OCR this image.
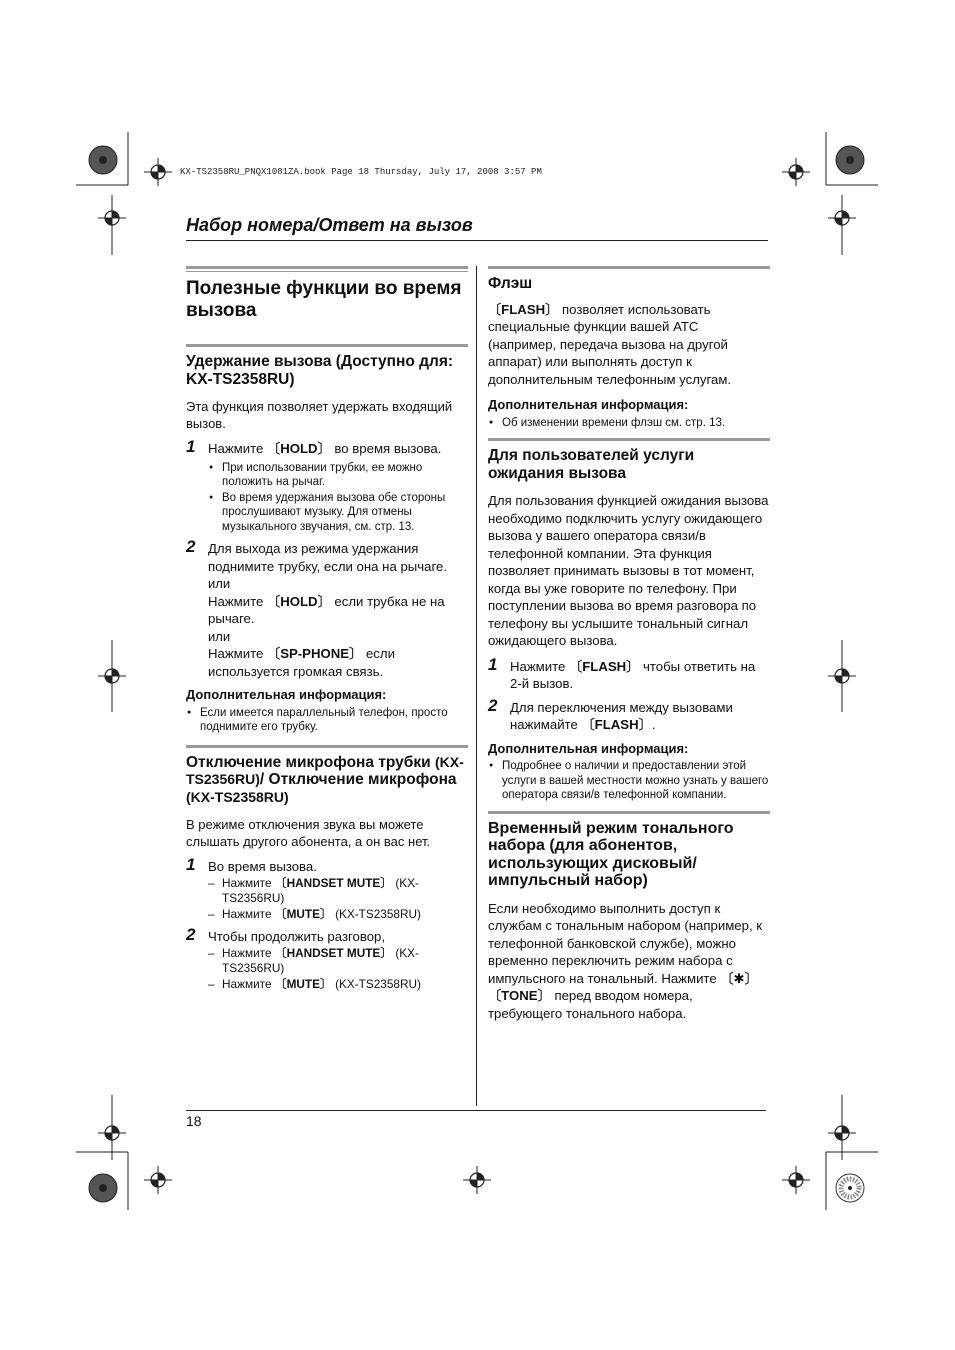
KX-TS2358RU_PNQX1081ZA.book Page 18 Thursday, July 17, 2008 3:57 PM
Набор номера/Ответ на вызов
Полезные функции во время вызова
Удержание вызова (Доступно для: KX-TS2358RU)

Эта функция позволяет удержать входящий вызов.

1 Нажмите 〔HOLD〕 во время вызова.
● При использовании трубки, ее можно положить на рычаг.
● Во время удержания вызова обе стороны прослушивают музыку. Для отмены музыкального звучания, см. стр. 13.
2 Для выхода из режима удержания поднимите трубку, если она на рычаге.
или
Нажмите 〔HOLD〕 если трубка не на рычаге.
или
Нажмите 〔SP-PHONE〕 если используется громкая связь.
Дополнительная информация:
● Если имеется параллельный телефон, просто поднимите его трубку.
Отключение микрофона трубки (KX-TS2356RU)/ Отключение микрофона (KX-TS2358RU)

В режиме отключения звука вы можете слышать другого абонента, а он вас нет.

1 Во время вызова.
– Нажмите 〔HANDSET MUTE〕 (KX-TS2356RU)
– Нажмите 〔MUTE〕 (KX-TS2358RU)
2 Чтобы продолжить разговор,
– Нажмите 〔HANDSET MUTE〕 (KX-TS2356RU)
– Нажмите 〔MUTE〕 (KX-TS2358RU)
Флэш

〔FLASH〕 позволяет использовать специальные функции вашей АТС (например, передача вызова на другой аппарат) или выполнять доступ к дополнительным телефонным услугам.

Дополнительная информация:
● Об изменении времени флэш см. стр. 13.
Для пользователей услуги ожидания вызова

Для пользования функцией ожидания вызова необходимо подключить услугу ожидающего вызова у вашего оператора связи/в телефонной компании. Эта функция позволяет принимать вызовы в тот момент, когда вы уже говорите по телефону. При поступлении вызова во время разговора по телефону вы услышите тональный сигнал ожидающего вызова.

1 Нажмите 〔FLASH〕 чтобы ответить на 2-й вызов.
2 Для переключения между вызовами нажимайте 〔FLASH〕.
Дополнительная информация:
● Подробнее о наличии и предоставлении этой услуги в вашей местности можно узнать у вашего оператора связи/в телефонной компании.
Временный режим тонального набора (для абонентов, использующих дисковый/ импульсный набор)

Если необходимо выполнить доступ к службам с тональным набором (например, к телефонной банковской службе), можно временно переключить режим набора с импульсного на тональный. Нажмите 〔✱〕 〔TONE〕 перед вводом номера, требующего тонального набора.

18
